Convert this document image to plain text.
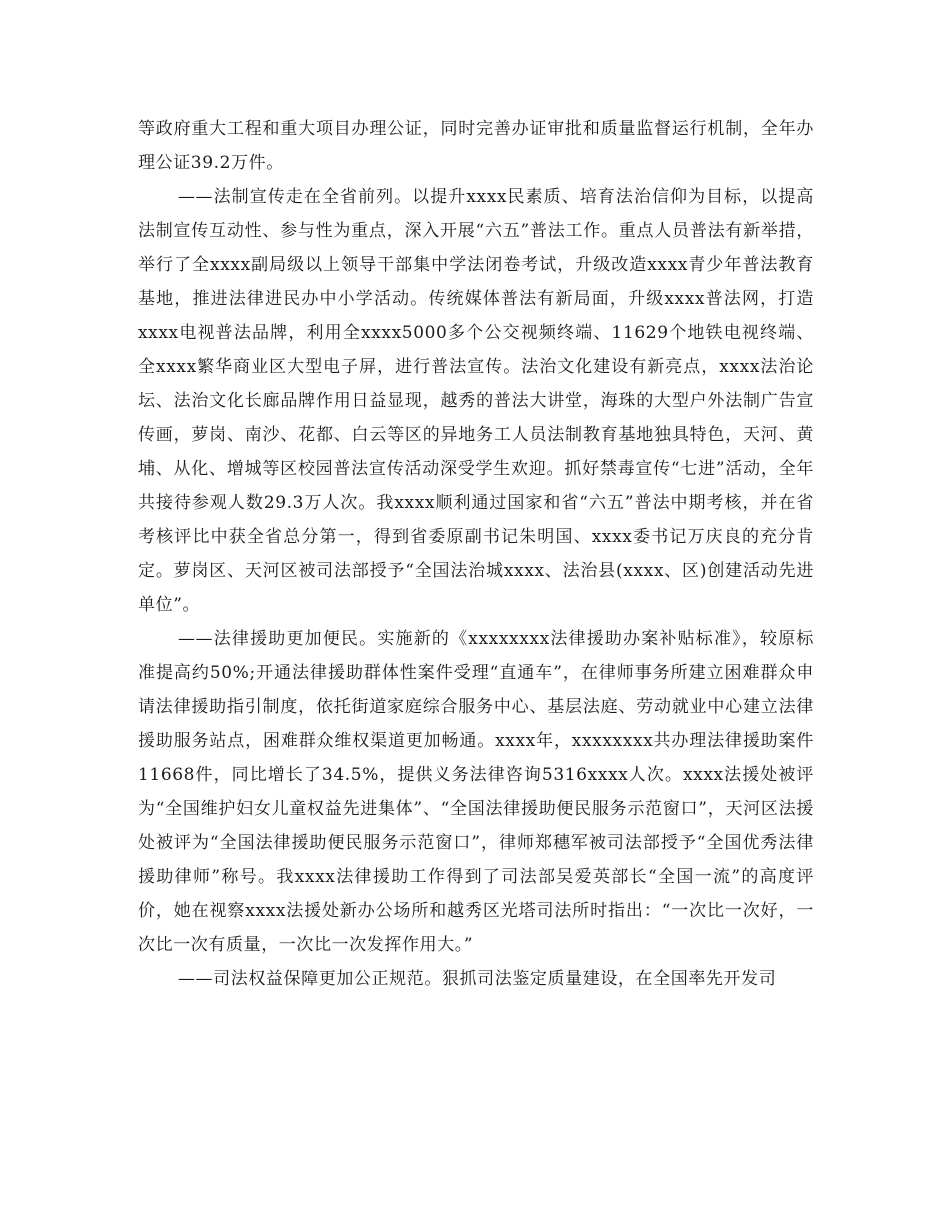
等政府重大工程和重大项目办理公证，同时完善办证审批和质量监督运行机制，全年办理公证39.2万件。

——法制宣传走在全省前列。以提升xxxx民素质、培育法治信仰为目标，以提高法制宣传互动性、参与性为重点，深入开展“六五”普法工作。重点人员普法有新举措，举行了全xxxx副局级以上领导干部集中学法闭卷考试，升级改造xxxx青少年普法教育基地，推进法律进民办中小学活动。传统媒体普法有新局面，升级xxxx普法网，打造xxxx电视普法品牌，利用全xxxx5000多个公交视频终端、11629个地铁电视终端、全xxxx繁华商业区大型电子屏，进行普法宣传。法治文化建设有新亮点，xxxx法治论坛、法治文化长廊品牌作用日益显现，越秀的普法大讲堂，海珠的大型户外法制广告宣传画，萝岗、南沙、花都、白云等区的异地务工人员法制教育基地独具特色，天河、黄埔、从化、增城等区校园普法宣传活动深受学生欢迎。抓好禁毒宣传“七进”活动，全年共接待参观人数29.3万人次。我xxxx顺利通过国家和省“六五”普法中期考核，并在省考核评比中获全省总分第一，得到省委原副书记朱明国、xxxx委书记万庆良的充分肯定。萝岗区、天河区被司法部授予“全国法治城xxxx、法治县(xxxx、区)创建活动先进单位”。

——法律援助更加便民。实施新的《xxxxxxxx法律援助办案补贴标准》，较原标准提高约50%;开通法律援助群体性案件受理“直通车”，在律师事务所建立困难群众申请法律援助指引制度，依托街道家庭综合服务中心、基层法庭、劳动就业中心建立法律援助服务站点，困难群众维权渠道更加畅通。xxxx年，xxxxxxxx共办理法律援助案件11668件，同比增长了34.5%，提供义务法律咨询5316xxxx人次。xxxx法援处被评为“全国维护妇女儿童权益先进集体”、“全国法律援助便民服务示范窗口”，天河区法援处被评为“全国法律援助便民服务示范窗口”，律师郑穗军被司法部授予“全国优秀法律援助律师”称号。我xxxx法律援助工作得到了司法部吴爱英部长“全国一流”的高度评价，她在视察xxxx法援处新办公场所和越秀区光塔司法所时指出：“一次比一次好，一次比一次有质量，一次比一次发挥作用大。”

——司法权益保障更加公正规范。狠抓司法鉴定质量建设，在全国率先开发司
